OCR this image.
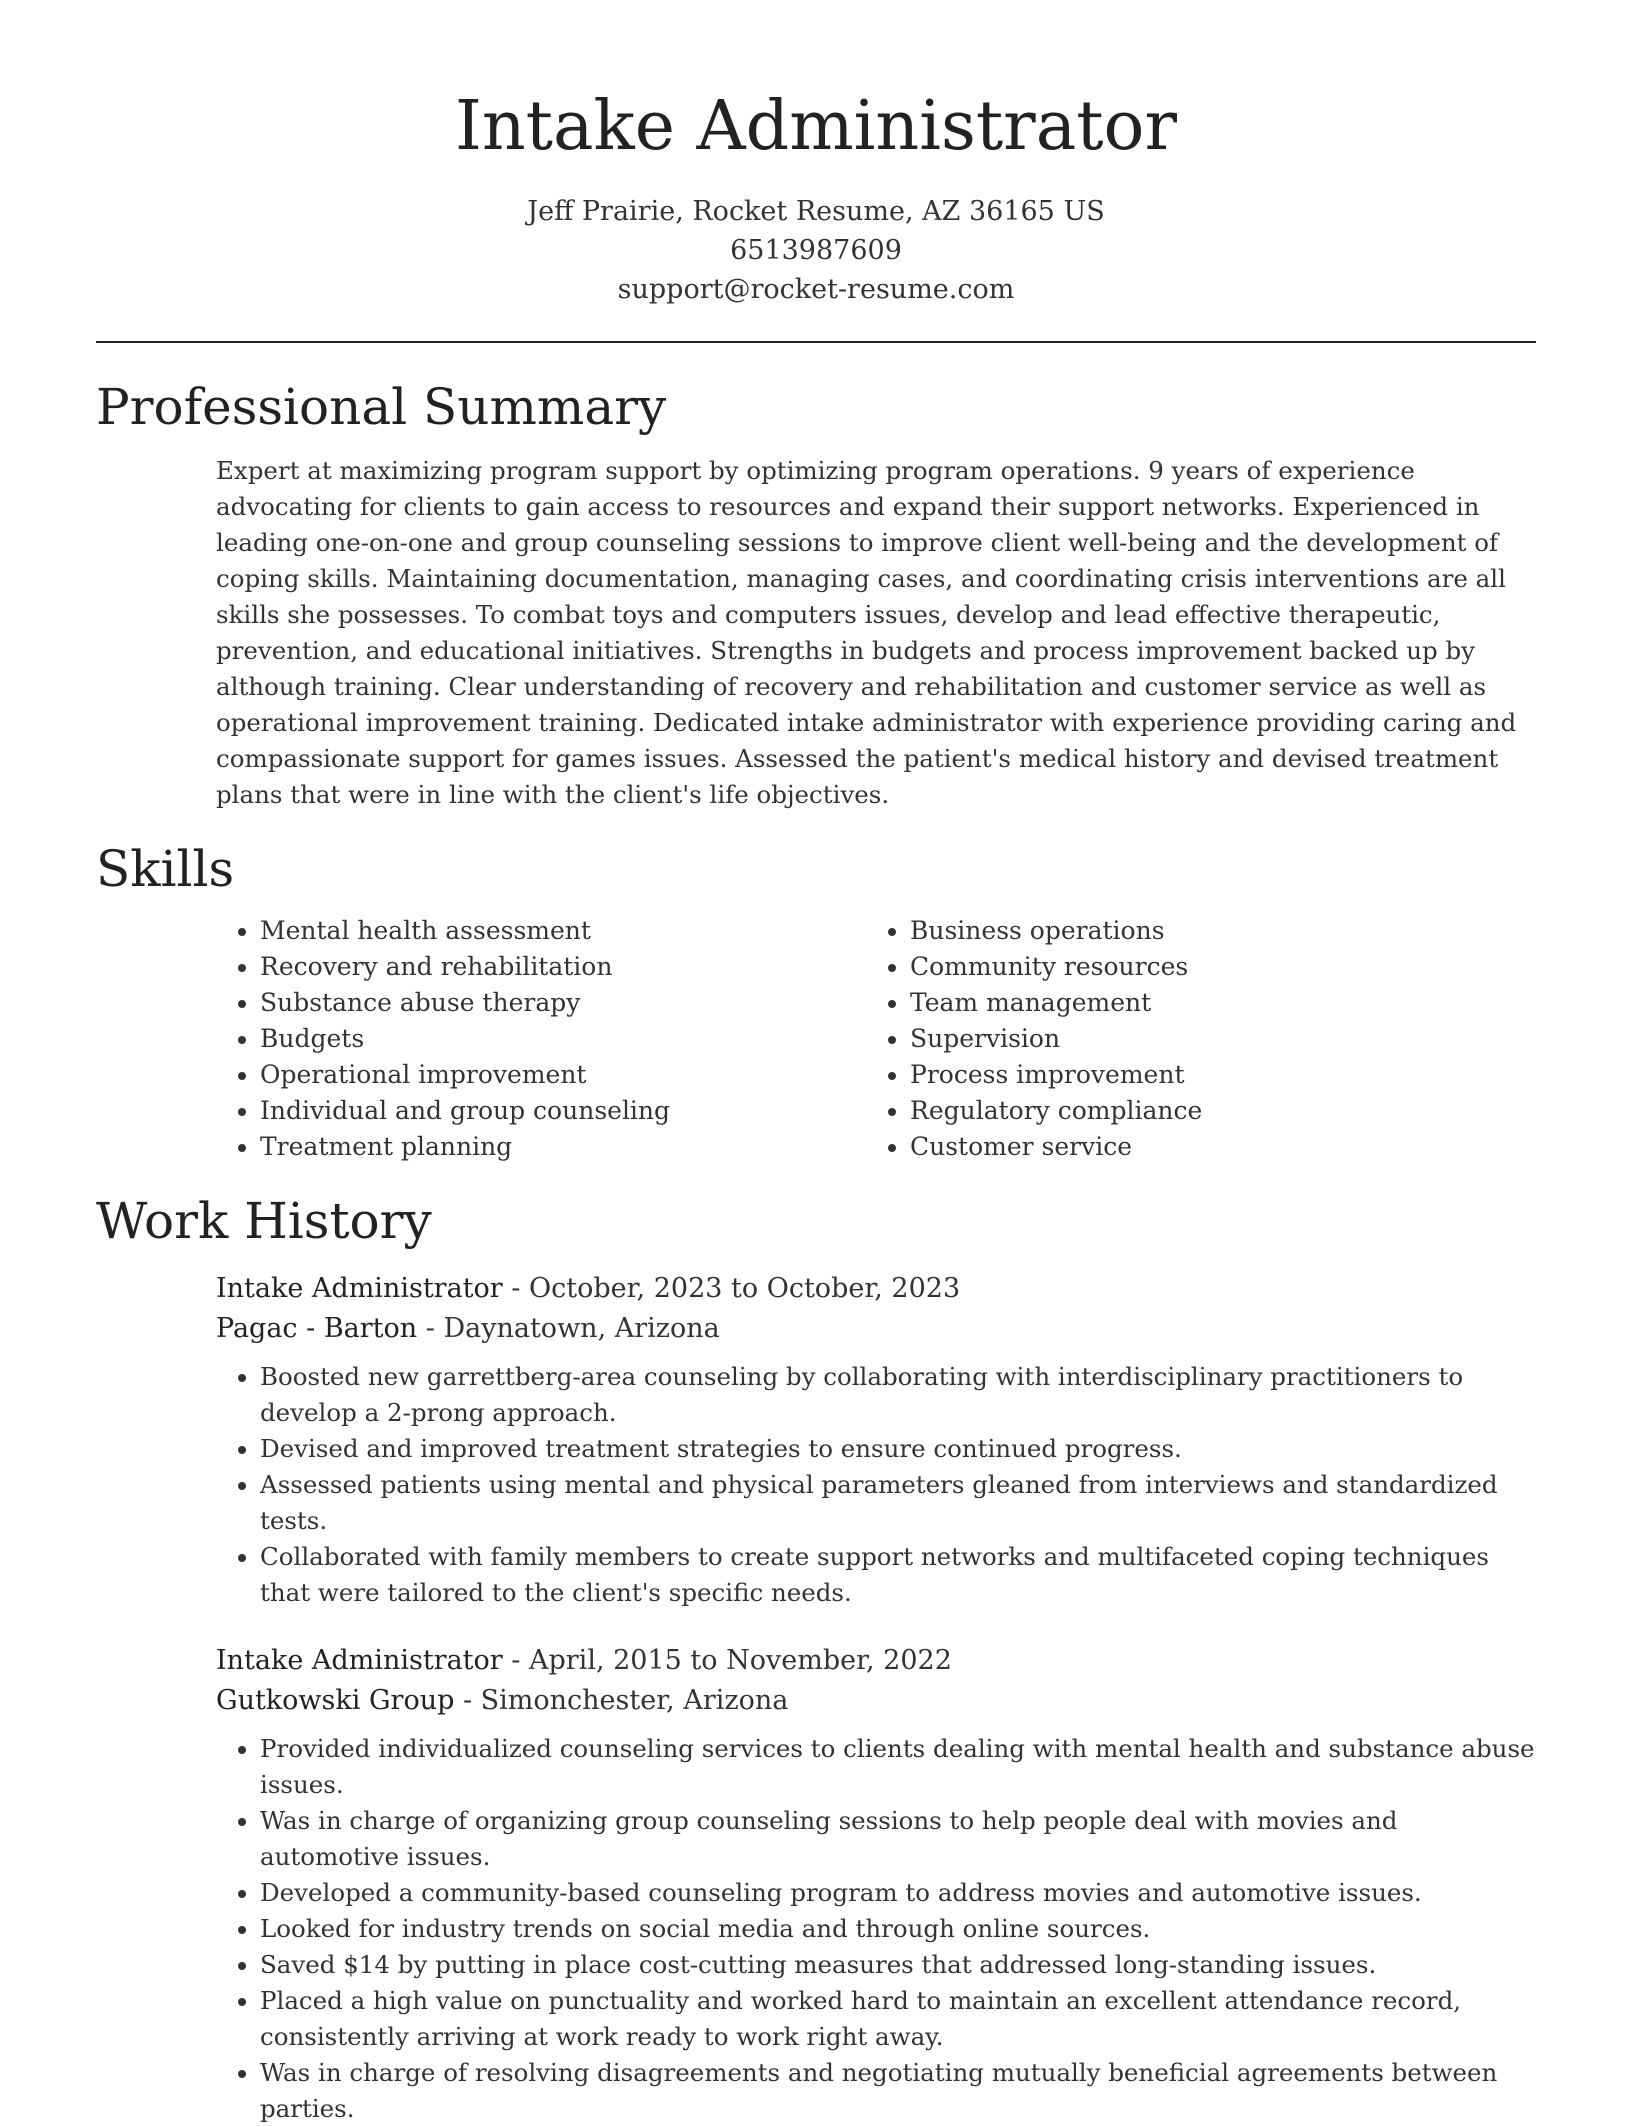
Intake Administrator
Jeff Prairie, Rocket Resume, AZ 36165 US
6513987609
support@rocket-resume.com
Professional Summary

Expert at maximizing program support by optimizing program operations. 9 years of experience advocating for clients to gain access to resources and expand their support networks. Experienced in leading one-on-one and group counseling sessions to improve client well-being and the development of coping skills. Maintaining documentation, managing cases, and coordinating crisis interventions are all skills she possesses. To combat toys and computers issues, develop and lead effective therapeutic, prevention, and educational initiatives. Strengths in budgets and process improvement backed up by although training. Clear understanding of recovery and rehabilitation and customer service as well as operational improvement training. Dedicated intake administrator with experience providing caring and compassionate support for games issues. Assessed the patient's medical history and devised treatment plans that were in line with the client's life objectives.

Skills
• Mental health assessment
• Recovery and rehabilitation
• Substance abuse therapy
• Budgets
• Operational improvement
• Individual and group counseling
• Treatment planning
• Business operations
• Community resources
• Team management
• Supervision
• Process improvement
• Regulatory compliance
• Customer service
Work History
Intake Administrator - October, 2023 to October, 2023
Pagac - Barton - Daynatown, Arizona
• Boosted new garrettberg-area counseling by collaborating with interdisciplinary practitioners to develop a 2-prong approach.
• Devised and improved treatment strategies to ensure continued progress.
• Assessed patients using mental and physical parameters gleaned from interviews and standardized tests.
• Collaborated with family members to create support networks and multifaceted coping techniques that were tailored to the client's specific needs.
Intake Administrator - April, 2015 to November, 2022
Gutkowski Group - Simonchester, Arizona
• Provided individualized counseling services to clients dealing with mental health and substance abuse issues.
• Was in charge of organizing group counseling sessions to help people deal with movies and automotive issues.
• Developed a community-based counseling program to address movies and automotive issues.
• Looked for industry trends on social media and through online sources.
• Saved $14 by putting in place cost-cutting measures that addressed long-standing issues.
• Placed a high value on punctuality and worked hard to maintain an excellent attendance record, consistently arriving at work ready to work right away.
• Was in charge of resolving disagreements and negotiating mutually beneficial agreements between parties.
